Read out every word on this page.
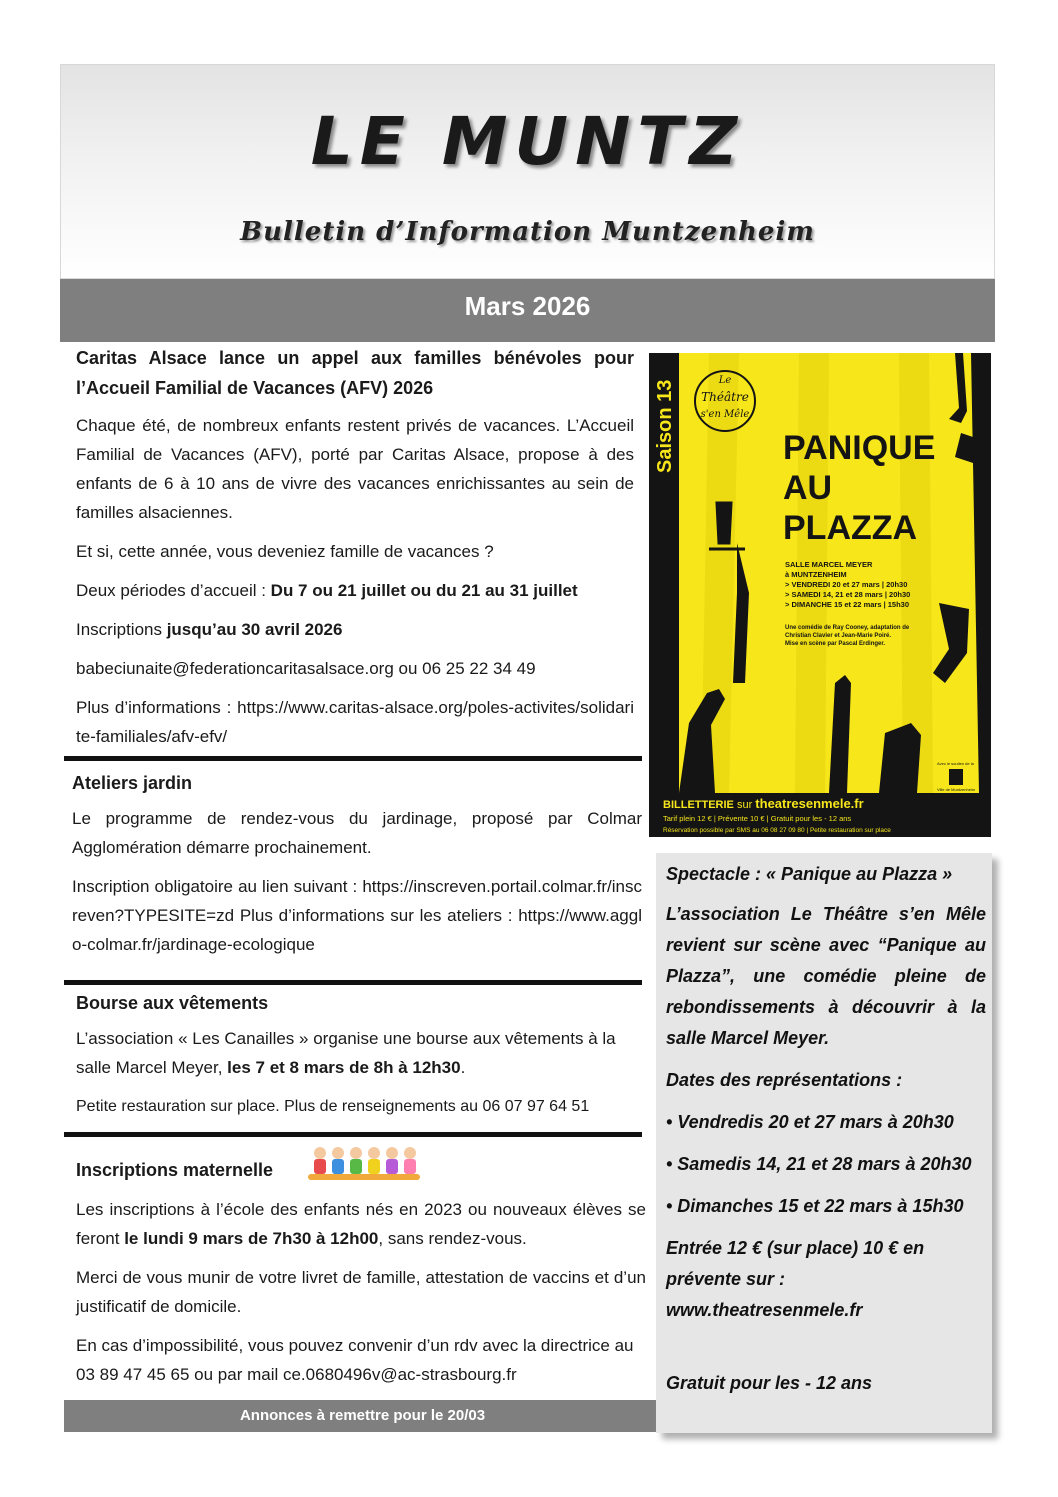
LE MUNTZ
Bulletin d’Information Muntzenheim
Mars 2026
Caritas Alsace lance un appel aux familles bénévoles pour l’Accueil Familial de Vacances (AFV) 2026

Chaque été, de nombreux enfants restent privés de vacances. L’Accueil Familial de Vacances (AFV), porté par Caritas Alsace, propose à des enfants de 6 à 10 ans de vivre des vacances enrichissantes au sein de familles alsaciennes.

Et si, cette année, vous deveniez famille de vacances ?

Deux périodes d’accueil : Du 7 ou 21 juillet ou du 21 au 31 juillet

Inscriptions jusqu’au 30 avril 2026

babeciunaite@federationcaritasalsace.org ou 06 25 22 34 49

Plus d’informations : https://www.caritas-alsace.org/poles-activites/solidarite-familiales/afv-efv/

Ateliers jardin

Le programme de rendez-vous du jardinage, proposé par Colmar Agglomération démarre prochainement.

Inscription obligatoire au lien suivant : https://inscreven.portail.colmar.fr/inscreven?TYPESITE=zd Plus d’informations sur les ateliers : https://www.agglo-colmar.fr/jardinage-ecologique

Bourse aux vêtements

L’association « Les Canailles » organise une bourse aux vêtements à la salle Marcel Meyer, les 7 et 8 mars de 8h à 12h30.

Petite restauration sur place. Plus de renseignements au 06 07 97 64 51

Inscriptions maternelle

Les inscriptions à l’école des enfants nés en 2023 ou nouveaux élèves se feront le lundi 9 mars de 7h30 à 12h00, sans rendez-vous.

Merci de vous munir de votre livret de famille, attestation de vaccins et d’un justificatif de domicile.

En cas d’impossibilité, vous pouvez convenir d’un rdv avec la directrice au 03 89 47 45 65 ou par mail ce.0680496v@ac-strasbourg.fr

Annonces à remettre pour le 20/03
Saison 13	Le
Théâtre
s'en Mêle
PANIQUE
AU
PLAZZA
SALLE MARCEL MEYER
à MUNTZENHEIM
> VENDREDI 20 et 27 mars | 20h30
> SAMEDI 14, 21 et 28 mars | 20h30
> DIMANCHE 15 et 22 mars | 15h30
Une comédie de Ray Cooney, adaptation de
Christian Clavier et Jean-Marie Poiré.
Mise en scène par Pascal Erdinger.
Avec le soutien de la
Ville de Muntzenheim
BILLETTERIE sur theatresenmele.fr
Tarif plein 12 € | Prévente 10 € | Gratuit pour les - 12 ans
Réservation possible par SMS au 06 08 27 09 80 | Petite restauration sur place

Spectacle : « Panique au Plazza »

L’association Le Théâtre s’en Mêle revient sur scène avec “Panique au Plazza”, une comédie pleine de rebondissements à découvrir à la salle Marcel Meyer.

Dates des représentations :

• Vendredis 20 et 27 mars à 20h30

• Samedis 14, 21 et 28 mars à 20h30

• Dimanches 15 et 22 mars à 15h30

Entrée 12 € (sur place) 10 € en prévente sur : www.theatresenmele.fr

Gratuit pour les - 12 ans
